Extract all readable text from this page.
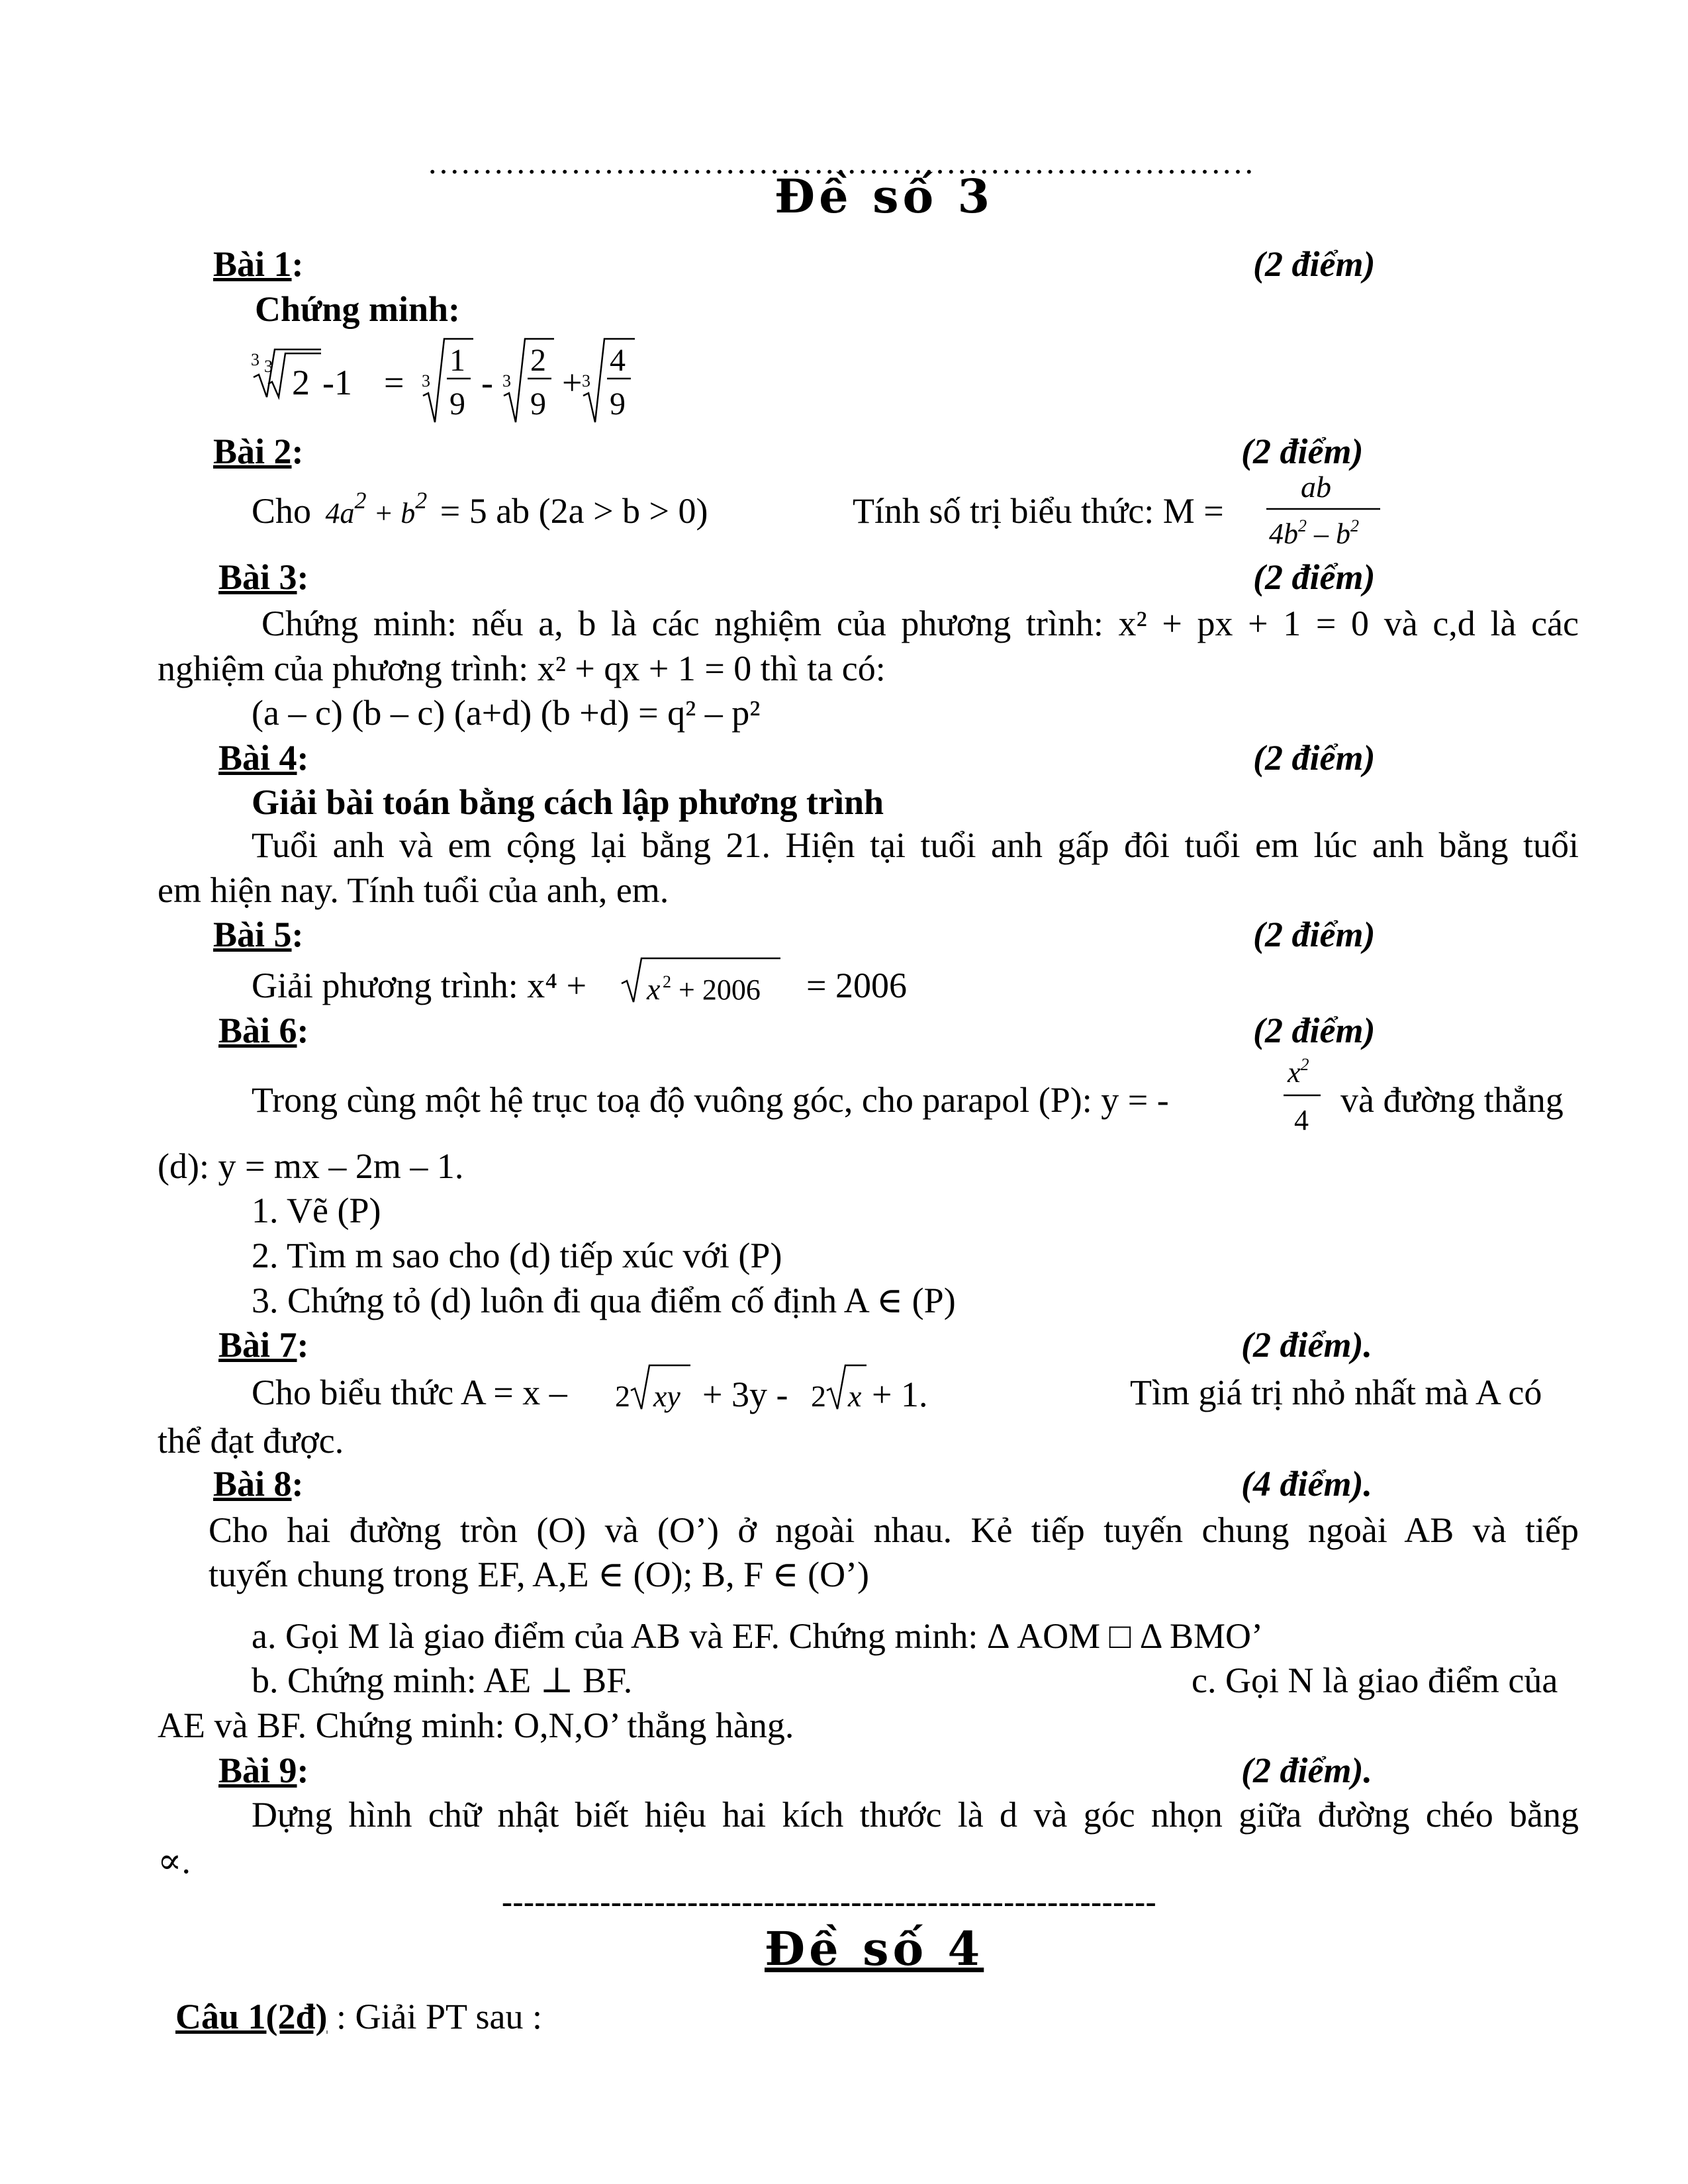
…………………………………………………………………
Đề số 3
Bài 1:	(2 điểm)
Chứng minh:
3 3 2 -1 = 3
1
9
- 3
2
9
+ 3
4
9
Bài 2:	(2 điểm)
Cho $4a^2 + b^2 = 5$ ab (2a > b > 0)	Tính số trị biểu thức: M =
ab
$4b^2 - b^2$
Bài 3:	(2 điểm)
Chứng minh: nếu a, b là các nghiệm của phương trình: x² + px + 1 = 0 và c,d là các
nghiệm của phương trình: x² + qx + 1 = 0 thì ta có:
(a – c) (b – c) (a+d) (b +d) = q² – p²
Bài 4:	(2 điểm)
Giải bài toán bằng cách lập phương trình
Tuổi anh và em cộng lại bằng 21. Hiện tại tuổi anh gấp đôi tuổi em lúc anh bằng tuổi
em hiện nay. Tính tuổi của anh, em.
Bài 5:	(2 điểm)
Giải phương trình: x⁴ + x 2 + 2006 = 2006
Bài 6:	(2 điểm)
Trong cùng một hệ trục toạ độ vuông góc, cho parapol (P): y = -
$x^2$
4
và đường thẳng
(d): y = mx – 2m – 1.
1. Vẽ (P)
2. Tìm m sao cho (d) tiếp xúc với (P)
3. Chứng tỏ (d) luôn đi qua điểm cố định A ∈ (P)
Bài 7:	(2 điểm).
Cho biểu thức A = x – 2 xy + 3y - 2 x + 1.	Tìm giá trị nhỏ nhất mà A có
thể đạt được.
Bài 8:	(4 điểm).
Cho hai đường tròn (O) và (O’) ở ngoài nhau. Kẻ tiếp tuyến chung ngoài AB và tiếp
tuyến chung trong EF, A,E ∈ (O); B, F ∈ (O’)
a. Gọi M là giao điểm của AB và EF. Chứng minh: Δ AOM □ Δ BMO’
b. Chứng minh: AE ⊥ BF.	c. Gọi N là giao điểm của
AE và BF. Chứng minh: O,N,O’ thẳng hàng.
Bài 9:	(2 điểm).
Dựng hình chữ nhật biết hiệu hai kích thước là d và góc nhọn giữa đường chéo bằng
∝.
------------------------------------------------------------
Đề số 4
Câu 1(2đ) : Giải PT sau :
